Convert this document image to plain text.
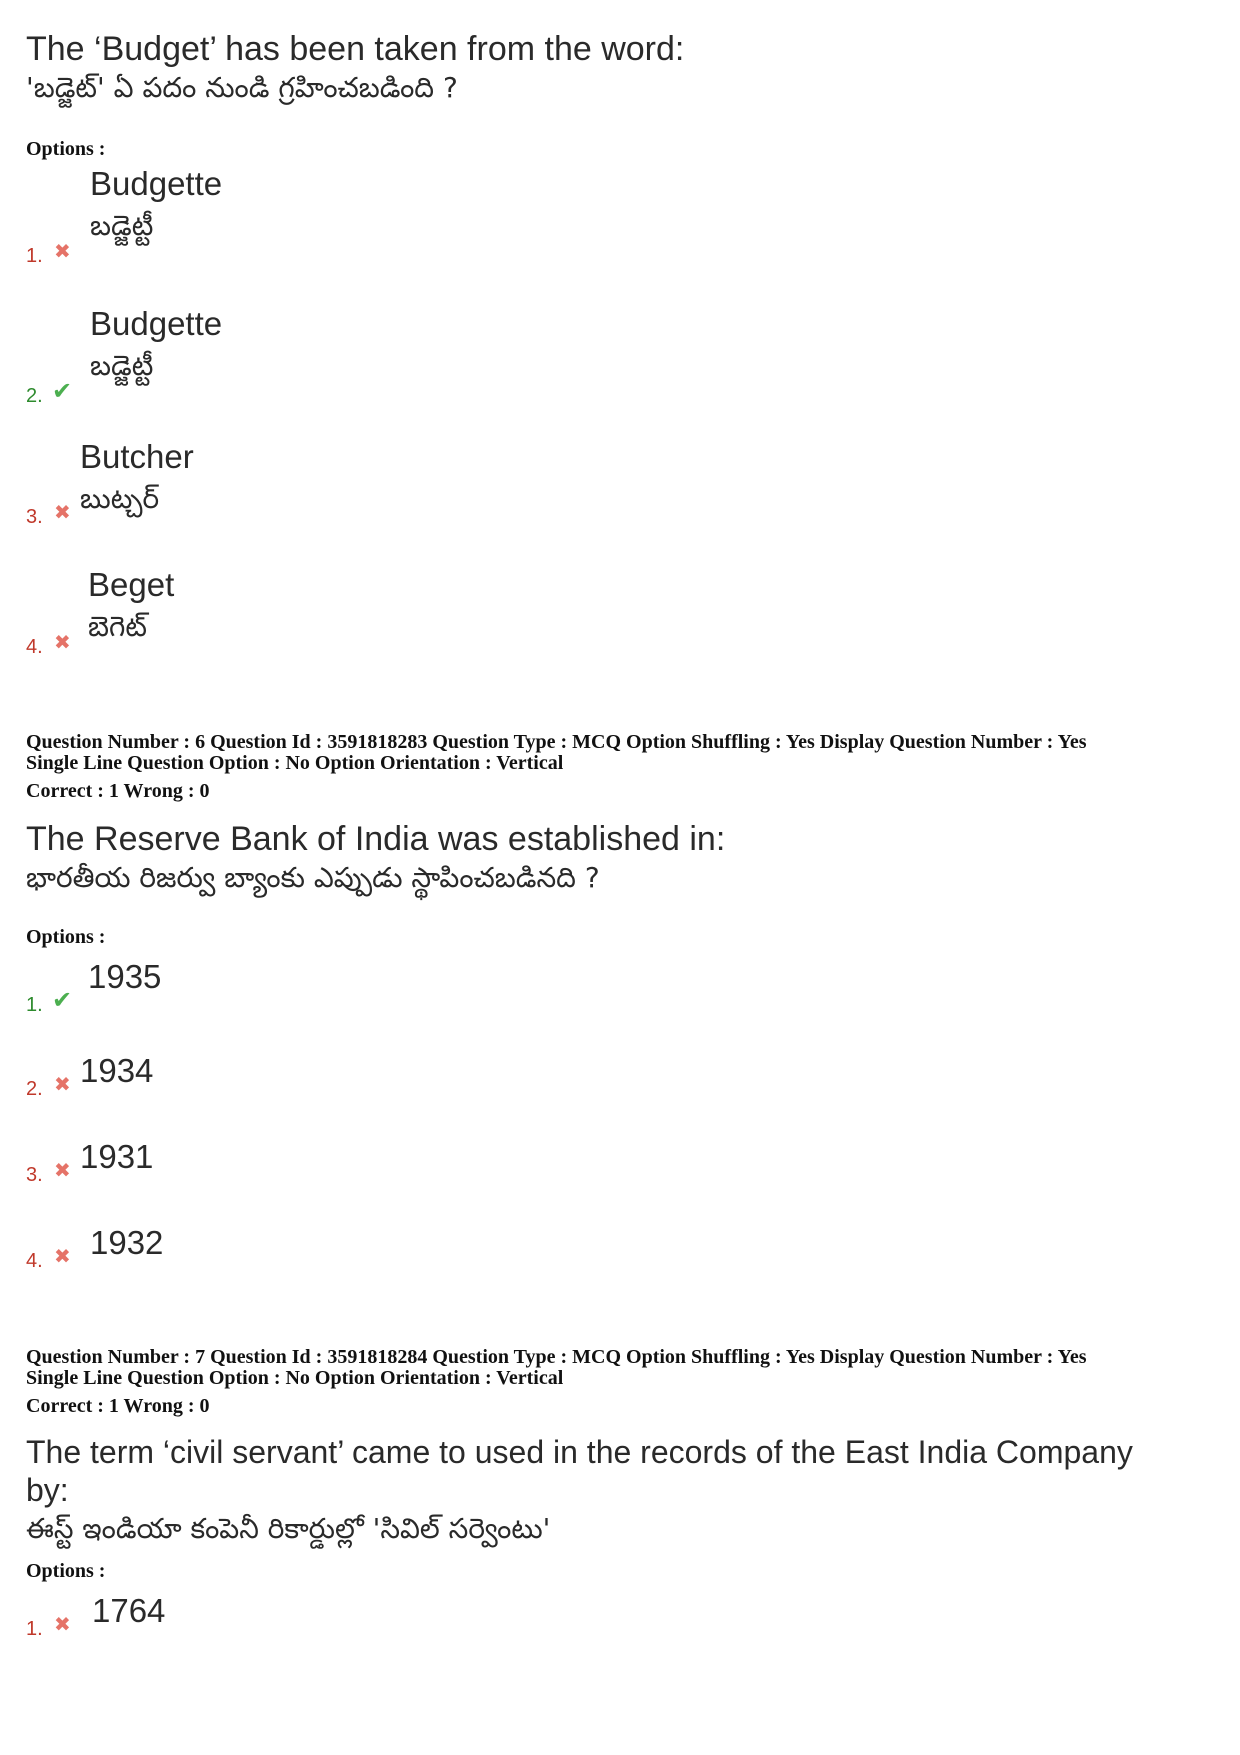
The ‘Budget’ has been taken from the word:
'బడ్జెట్' ఏ పదం నుండి గ్రహించబడింది ?
Options :
Budgette
బడ్జెట్టీ
1. ✖
Budgette
బడ్జెట్టీ
2. ✔
Butcher
బుట్చర్
3. ✖
Beget
బెగెట్
4. ✖
Question Number : 6 Question Id : 3591818283 Question Type : MCQ Option Shuffling : Yes Display Question Number : Yes
Single Line Question Option : No Option Orientation : Vertical
Correct : 1 Wrong : 0
The Reserve Bank of India was established in:
భారతీయ రిజర్వు బ్యాంకు ఎప్పుడు స్థాపించబడినది ?
Options :
1935
1. ✔
1934
2. ✖
1931
3. ✖
1932
4. ✖
Question Number : 7 Question Id : 3591818284 Question Type : MCQ Option Shuffling : Yes Display Question Number : Yes
Single Line Question Option : No Option Orientation : Vertical
Correct : 1 Wrong : 0
The term ‘civil servant’ came to used in the records of the East India Company
by:
ఈస్ట్ ఇండియా కంపెనీ రికార్డుల్లో 'సివిల్ సర్వెంటు'
Options :
1764
1. ✖
